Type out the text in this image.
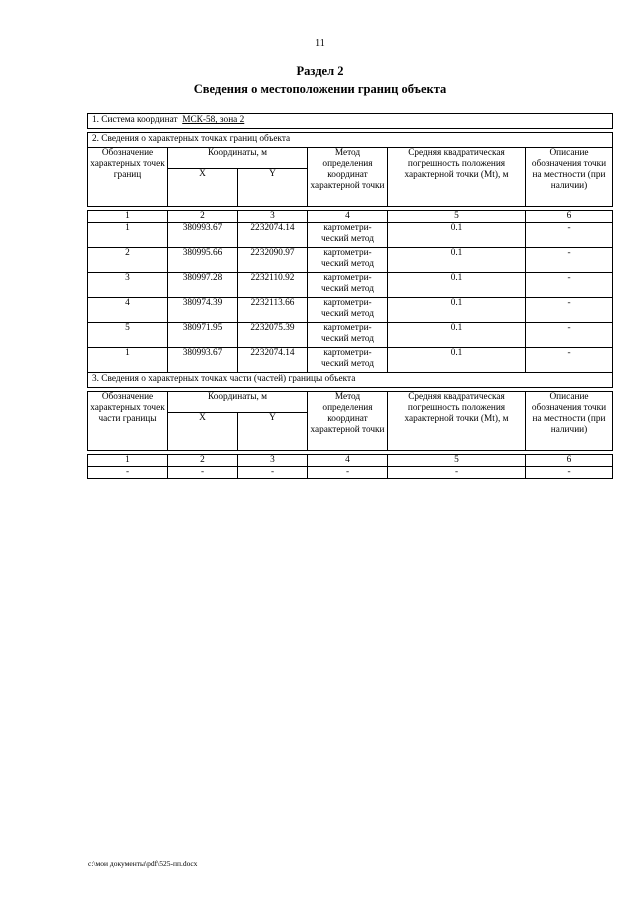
11
Раздел 2
Сведения о местоположении границ объекта
1. Система координат МСК-58, зона 2					

2. Сведения о характерных точках границ объекта					
Обозначение характерных точек границ	Координаты, м		Метод определения координат характерной точки	Средняя квадратическая погрешность положения характерной точки (Mt), м	Описание обозначения точки на местности (при наличии)
	X	Y			

1	2	3	4	5	6
1	380993.67	2232074.14	картометри-ческий метод	0.1	-
2	380995.66	2232090.97	картометри-ческий метод	0.1	-
3	380997.28	2232110.92	картометри-ческий метод	0.1	-
4	380974.39	2232113.66	картометри-ческий метод	0.1	-
5	380971.95	2232075.39	картометри-ческий метод	0.1	-
1	380993.67	2232074.14	картометри-ческий метод	0.1	-
3. Сведения о характерных точках части (частей) границы объекта					

Обозначение характерных точек части границы	Координаты, м		Метод определения координат характерной точки	Средняя квадратическая погрешность положения характерной точки (Mt), м	Описание обозначения точки на местности (при наличии)
	X	Y			

1	2	3	4	5	6
-	-	-	-	-	-
c:\мои документы\pdf\525-пп.docx
